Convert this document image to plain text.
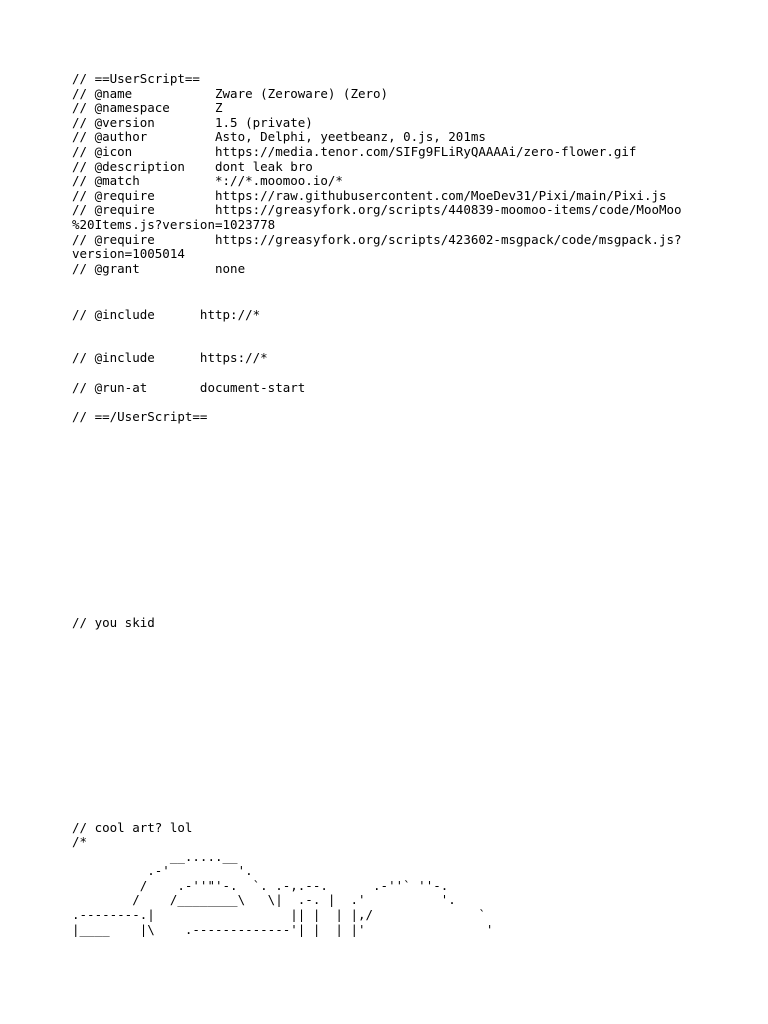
// ==UserScript==
// @name           Zware (Zeroware) (Zero)
// @namespace      Z
// @version        1.5 (private)
// @author         Asto, Delphi, yeetbeanz, 0.js, 201ms
// @icon           https://media.tenor.com/SIFg9FLiRyQAAAAi/zero-flower.gif
// @description    dont leak bro
// @match          *://*.moomoo.io/*
// @require        https://raw.githubusercontent.com/MoeDev31/Pixi/main/Pixi.js
// @require        https://greasyfork.org/scripts/440839-moomoo-items/code/MooMoo
%20Items.js?version=1023778
// @require        https://greasyfork.org/scripts/423602-msgpack/code/msgpack.js?
version=1005014
// @grant          none
// @include      http://*
// @include      https://*
// @run-at       document-start
// ==/UserScript==
// you skid
// cool art? lol
/*
__.....__
.-'         '.
/    .-''"'-.  `. .-,.--.      .-''` ''-.
/    /________\   \|  .-. |  .'          '.
.--------.|                  || |  | |,/              `
|____    |\    .-------------'| |  | |'                '
